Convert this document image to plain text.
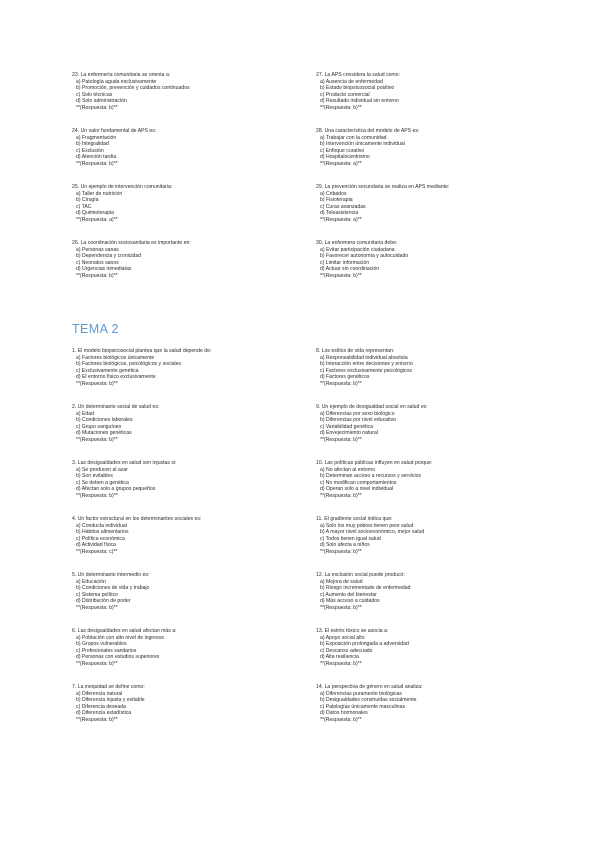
23. La enfermería comunitaria se orienta a:

a) Patología aguda exclusivamente

b) Promoción, prevención y cuidados continuados

c) Solo técnicas

d) Solo administración

**(Respuesta: b)**

24. Un valor fundamental de APS es:

a) Fragmentación

b) Integralidad

c) Exclusión

d) Atención tardía

**(Respuesta: b)**

25. Un ejemplo de intervención comunitaria:

a) Taller de nutrición

b) Cirugía

c) TAC

d) Quimioterapia

**(Respuesta: a)**

26. La coordinación sociosanitaria es importante en:

a) Personas sanas

b) Dependencia y cronicidad

c) Neonatos sanos

d) Urgencias inmediatas

**(Respuesta: b)**

27. La APS considera la salud como:

a) Ausencia de enfermedad

b) Estado biopsicosocial positivo

c) Producto comercial

d) Resultado individual sin entorno

**(Respuesta: b)**

28. Una característica del modelo de APS es:

a) Trabajar con la comunidad

b) Intervención únicamente individual

c) Enfoque curativo

d) Hospitalocentrismo

**(Respuesta: a)**

29. La prevención secundaria se realiza en APS mediante:

a) Cribados

b) Fisioterapia

c) Curas avanzadas

d) Teleasistencia

**(Respuesta: a)**

30. La enfermera comunitaria debe:

a) Evitar participación ciudadana

b) Favorecer autonomía y autocuidado

c) Limitar información

d) Actuar sin coordinación

**(Respuesta: b)**

TEMA 2

1. El modelo biopsicosocial plantea que la salud depende de:

a) Factores biológicos únicamente

b) Factores biológicos, psicológicos y sociales

c) Exclusivamente genética

d) El entorno físico exclusivamente

**(Respuesta: b)**

2. Un determinante social de salud es:

a) Edad

b) Condiciones laborales

c) Grupo sanguíneo

d) Mutaciones genéticas

**(Respuesta: b)**

3. Las desigualdades en salud son injustas si:

a) Se producen al azar

b) Son evitables

c) Se deben a genética

d) Afectan solo a grupos pequeños

**(Respuesta: b)**

4. Un factor estructural en los determinantes sociales es:

a) Conducta individual

b) Hábitos alimentarios

c) Política económica

d) Actividad física

**(Respuesta: c)**

5. Un determinante intermedio es:

a) Educación

b) Condiciones de vida y trabajo

c) Sistema político

d) Distribución de poder

**(Respuesta: b)**

6. Las desigualdades en salud afectan más a:

a) Población con alto nivel de ingresos

b) Grupos vulnerables

c) Profesionales sanitarios

d) Personas con estudios superiores

**(Respuesta: b)**

7. La inequidad se define como:

a) Diferencia natural

b) Diferencia injusta y evitable

c) Diferencia deseada

d) Diferencia estadística

**(Respuesta: b)**

8. Los estilos de vida representan:

a) Responsabilidad individual absoluta

b) Interacción entre decisiones y entorno

c) Factores exclusivamente psicológicos

d) Factores genéticos

**(Respuesta: b)**

9. Un ejemplo de desigualdad social en salud es:

a) Diferencias por sexo biológico

b) Diferencias por nivel educativo

c) Variabilidad genética

d) Envejecimiento natural

**(Respuesta: b)**

10. Las políticas públicas influyen en salud porque:

a) No afectan al entorno

b) Determinan acceso a recursos y servicios

c) No modifican comportamientos

d) Operan solo a nivel individual

**(Respuesta: b)**

11. El gradiente social indica que:

a) Solo los muy pobres tienen peor salud

b) A mayor nivel socioeconómico, mejor salud

c) Todos tienen igual salud

d) Solo afecta a niños

**(Respuesta: b)**

12. La exclusión social puede producir:

a) Mejora de salud

b) Riesgo incrementado de enfermedad

c) Aumento del bienestar

d) Más acceso a cuidados

**(Respuesta: b)**

13. El estrés tóxico se asocia a:

a) Apoyo social alto

b) Exposición prolongada a adversidad

c) Descanso adecuado

d) Alta resiliencia

**(Respuesta: b)**

14. La perspectiva de género en salud analiza:

a) Diferencias puramente biológicas

b) Desigualdades construidas socialmente

c) Patologías únicamente masculinas

d) Datos hormonales

**(Respuesta: b)**
